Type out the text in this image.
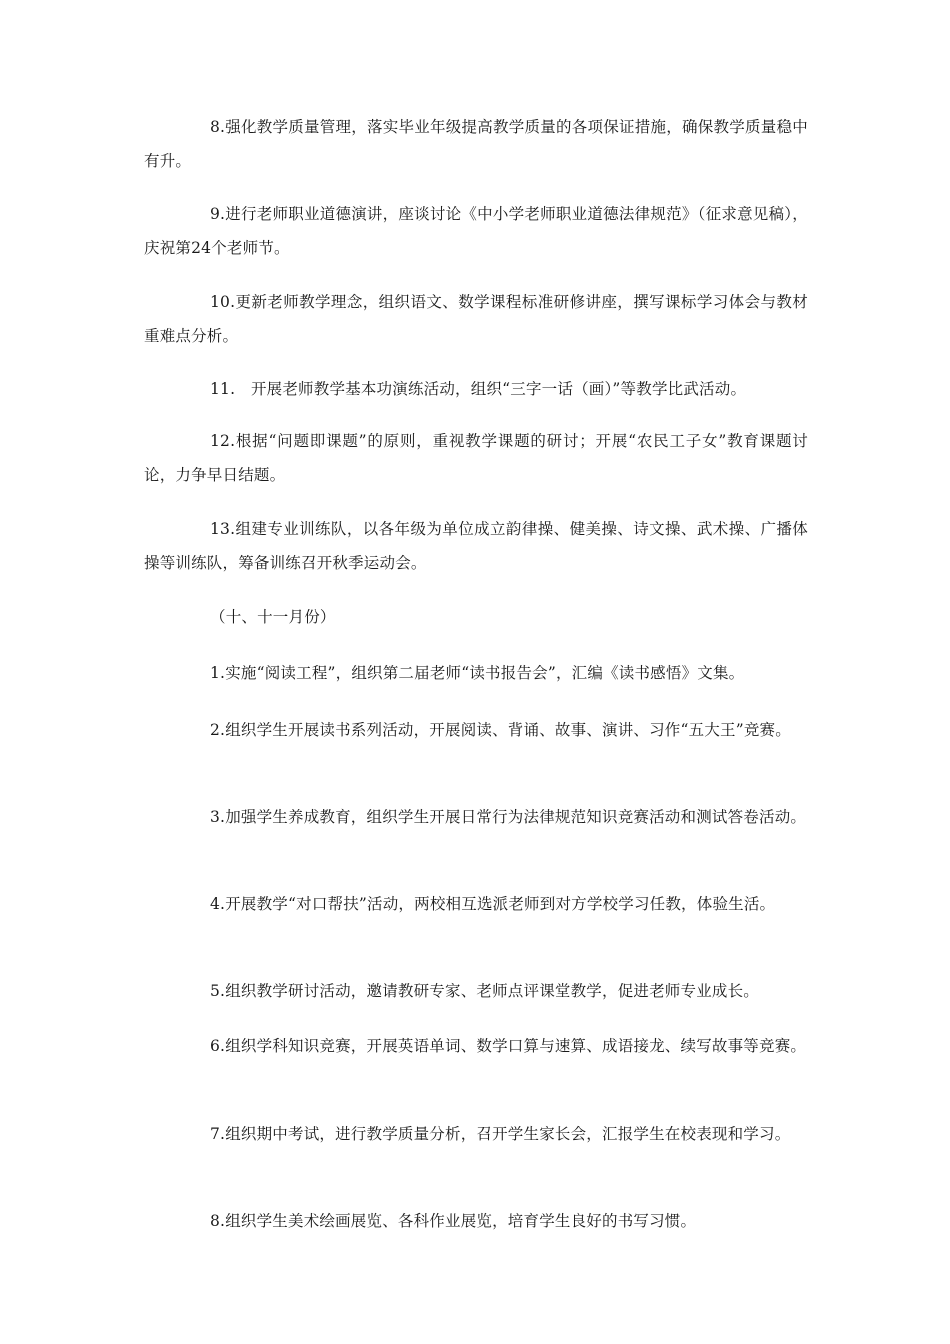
8.强化教学质量管理，落实毕业年级提高教学质量的各项保证措施，确保教学质量稳中有升。

9.进行老师职业道德演讲，座谈讨论《中小学老师职业道德法律规范》（征求意见稿），庆祝第24个老师节。

10.更新老师教学理念，组织语文、数学课程标准研修讲座，撰写课标学习体会与教材重难点分析。

11.　开展老师教学基本功演练活动，组织“三字一话（画）”等教学比武活动。

12.根据“问题即课题”的原则，重视教学课题的研讨；开展“农民工子女”教育课题讨论，力争早日结题。

13.组建专业训练队，以各年级为单位成立韵律操、健美操、诗文操、武术操、广播体操等训练队，筹备训练召开秋季运动会。

（十、十一月份）

1.实施“阅读工程”，组织第二届老师“读书报告会”，汇编《读书感悟》文集。

2.组织学生开展读书系列活动，开展阅读、背诵、故事、演讲、习作“五大王”竞赛。

3.加强学生养成教育，组织学生开展日常行为法律规范知识竞赛活动和测试答卷活动。

4.开展教学“对口帮扶”活动，两校相互选派老师到对方学校学习任教，体验生活。

5.组织教学研讨活动，邀请教研专家、老师点评课堂教学，促进老师专业成长。

6.组织学科知识竞赛，开展英语单词、数学口算与速算、成语接龙、续写故事等竞赛。

7.组织期中考试，进行教学质量分析，召开学生家长会，汇报学生在校表现和学习。

8.组织学生美术绘画展览、各科作业展览，培育学生良好的书写习惯。
